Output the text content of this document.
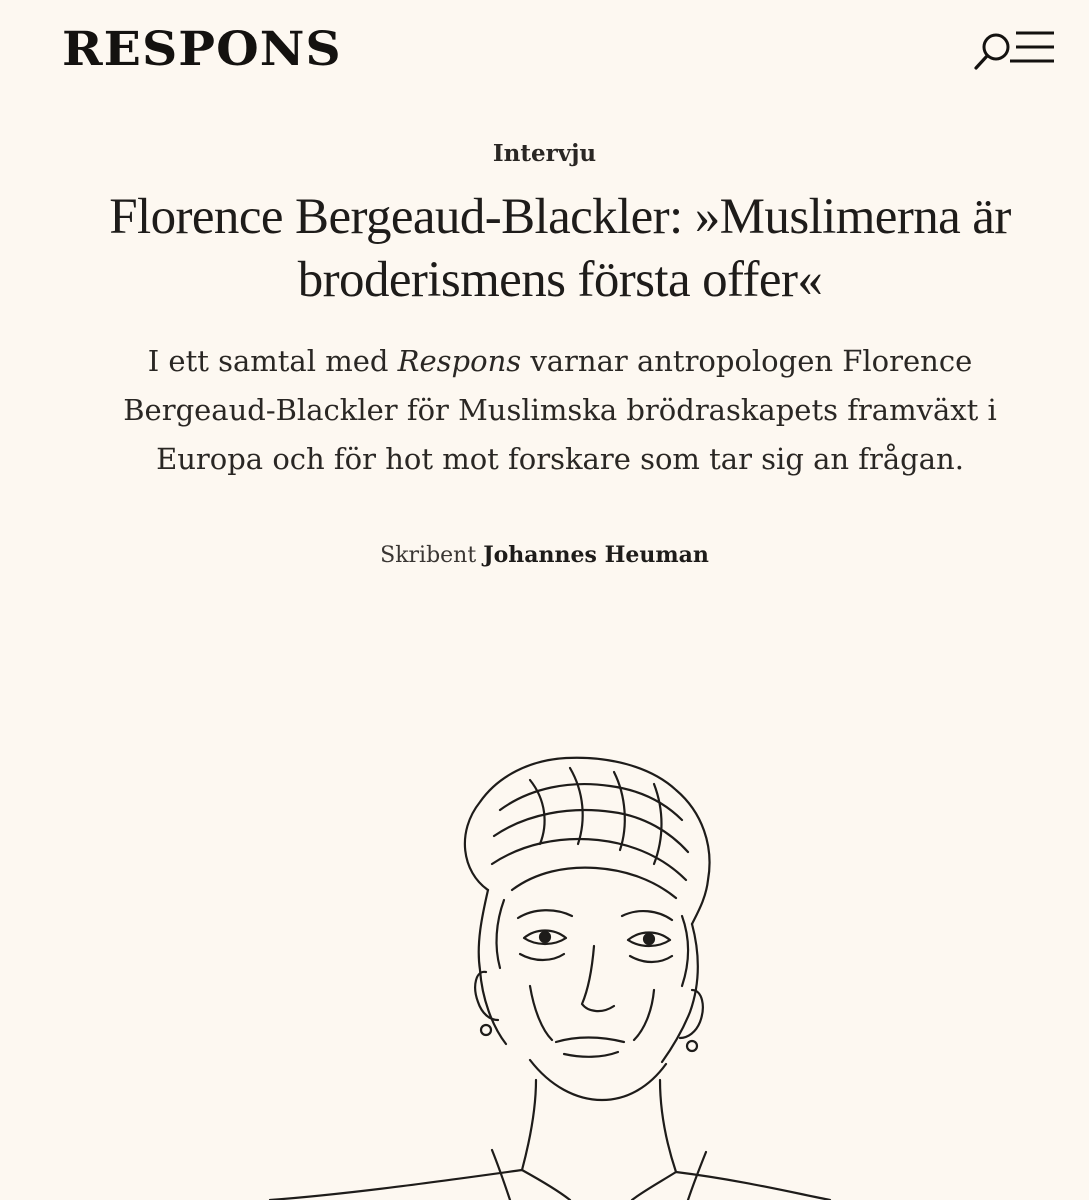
RESPONS
Intervju
Florence Bergeaud-Blackler: »Muslimerna är
broderismens första offer«

I ett samtal med Respons varnar antropologen Florence Bergeaud-Blackler för Muslimska brödraskapets framväxt i Europa och för hot mot forskare som tar sig an frågan.

Skribent Johannes Heuman
